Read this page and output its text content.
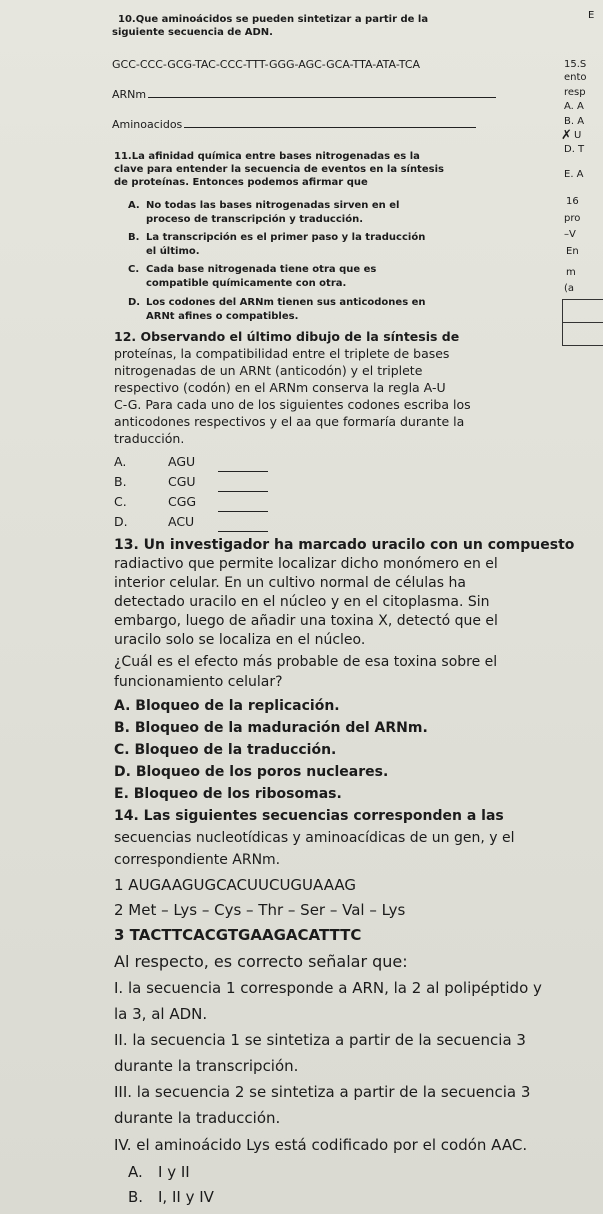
10.Que aminoácidos se pueden sintetizar a partir de la
siguiente secuencia de ADN.
GCC-CCC-GCG-TAC-CCC-TTT-GGG-AGC-GCA-TTA-ATA-TCA
ARNm
Aminoacidos
11.La afinidad química entre bases nitrogenadas es la
clave para entender la secuencia de eventos en la síntesis
de proteínas. Entonces podemos afirmar que
A. No todas las bases nitrogenadas sirven en el
proceso de transcripción y traducción.
B. La transcripción es el primer paso y la traducción
el último.
C. Cada base nitrogenada tiene otra que es
compatible químicamente con otra.
D. Los codones del ARNm tienen sus anticodones en
ARNt afines o compatibles.
12. Observando el último dibujo de la síntesis de
proteínas, la compatibilidad entre el triplete de bases
nitrogenadas de un ARNt (anticodón) y el triplete
respectivo (codón) en el ARNm conserva la regla A-U
C-G. Para cada uno de los siguientes codones escriba los
anticodones respectivos y el aa que formaría durante la
traducción.
A.	AGU
B.	CGU
C.	CGG
D.	ACU
13. Un investigador ha marcado uracilo con un compuesto
radiactivo que permite localizar dicho monómero en el
interior celular. En un cultivo normal de células ha
detectado uracilo en el núcleo y en el citoplasma. Sin
embargo, luego de añadir una toxina X, detectó que el
uracilo solo se localiza en el núcleo.
¿Cuál es el efecto más probable de esa toxina sobre el
funcionamiento celular?
A. Bloqueo de la replicación.
B. Bloqueo de la maduración del ARNm.
C. Bloqueo de la traducción.
D. Bloqueo de los poros nucleares.
E. Bloqueo de los ribosomas.
14. Las siguientes secuencias corresponden a las
secuencias nucleotídicas y aminoacídicas de un gen, y el
correspondiente ARNm.
1 AUGAAGUGCACUUCUGUAAAG
2 Met – Lys – Cys – Thr – Ser – Val – Lys
3 TACTTCACGTGAAGACATTTC
Al respecto, es correcto señalar que:
I. la secuencia 1 corresponde a ARN, la 2 al polipéptido y
la 3, al ADN.
II. la secuencia 1 se sintetiza a partir de la secuencia 3
durante la transcripción.
III. la secuencia 2 se sintetiza a partir de la secuencia 3
durante la traducción.
IV. el aminoácido Lys está codificado por el codón AAC.
A. I y II
B. I, II y IV
E
15.S
ento
resp
A. A
B. A
✗ U
D. T
E. A
16
pro
–V
En
m
(a
